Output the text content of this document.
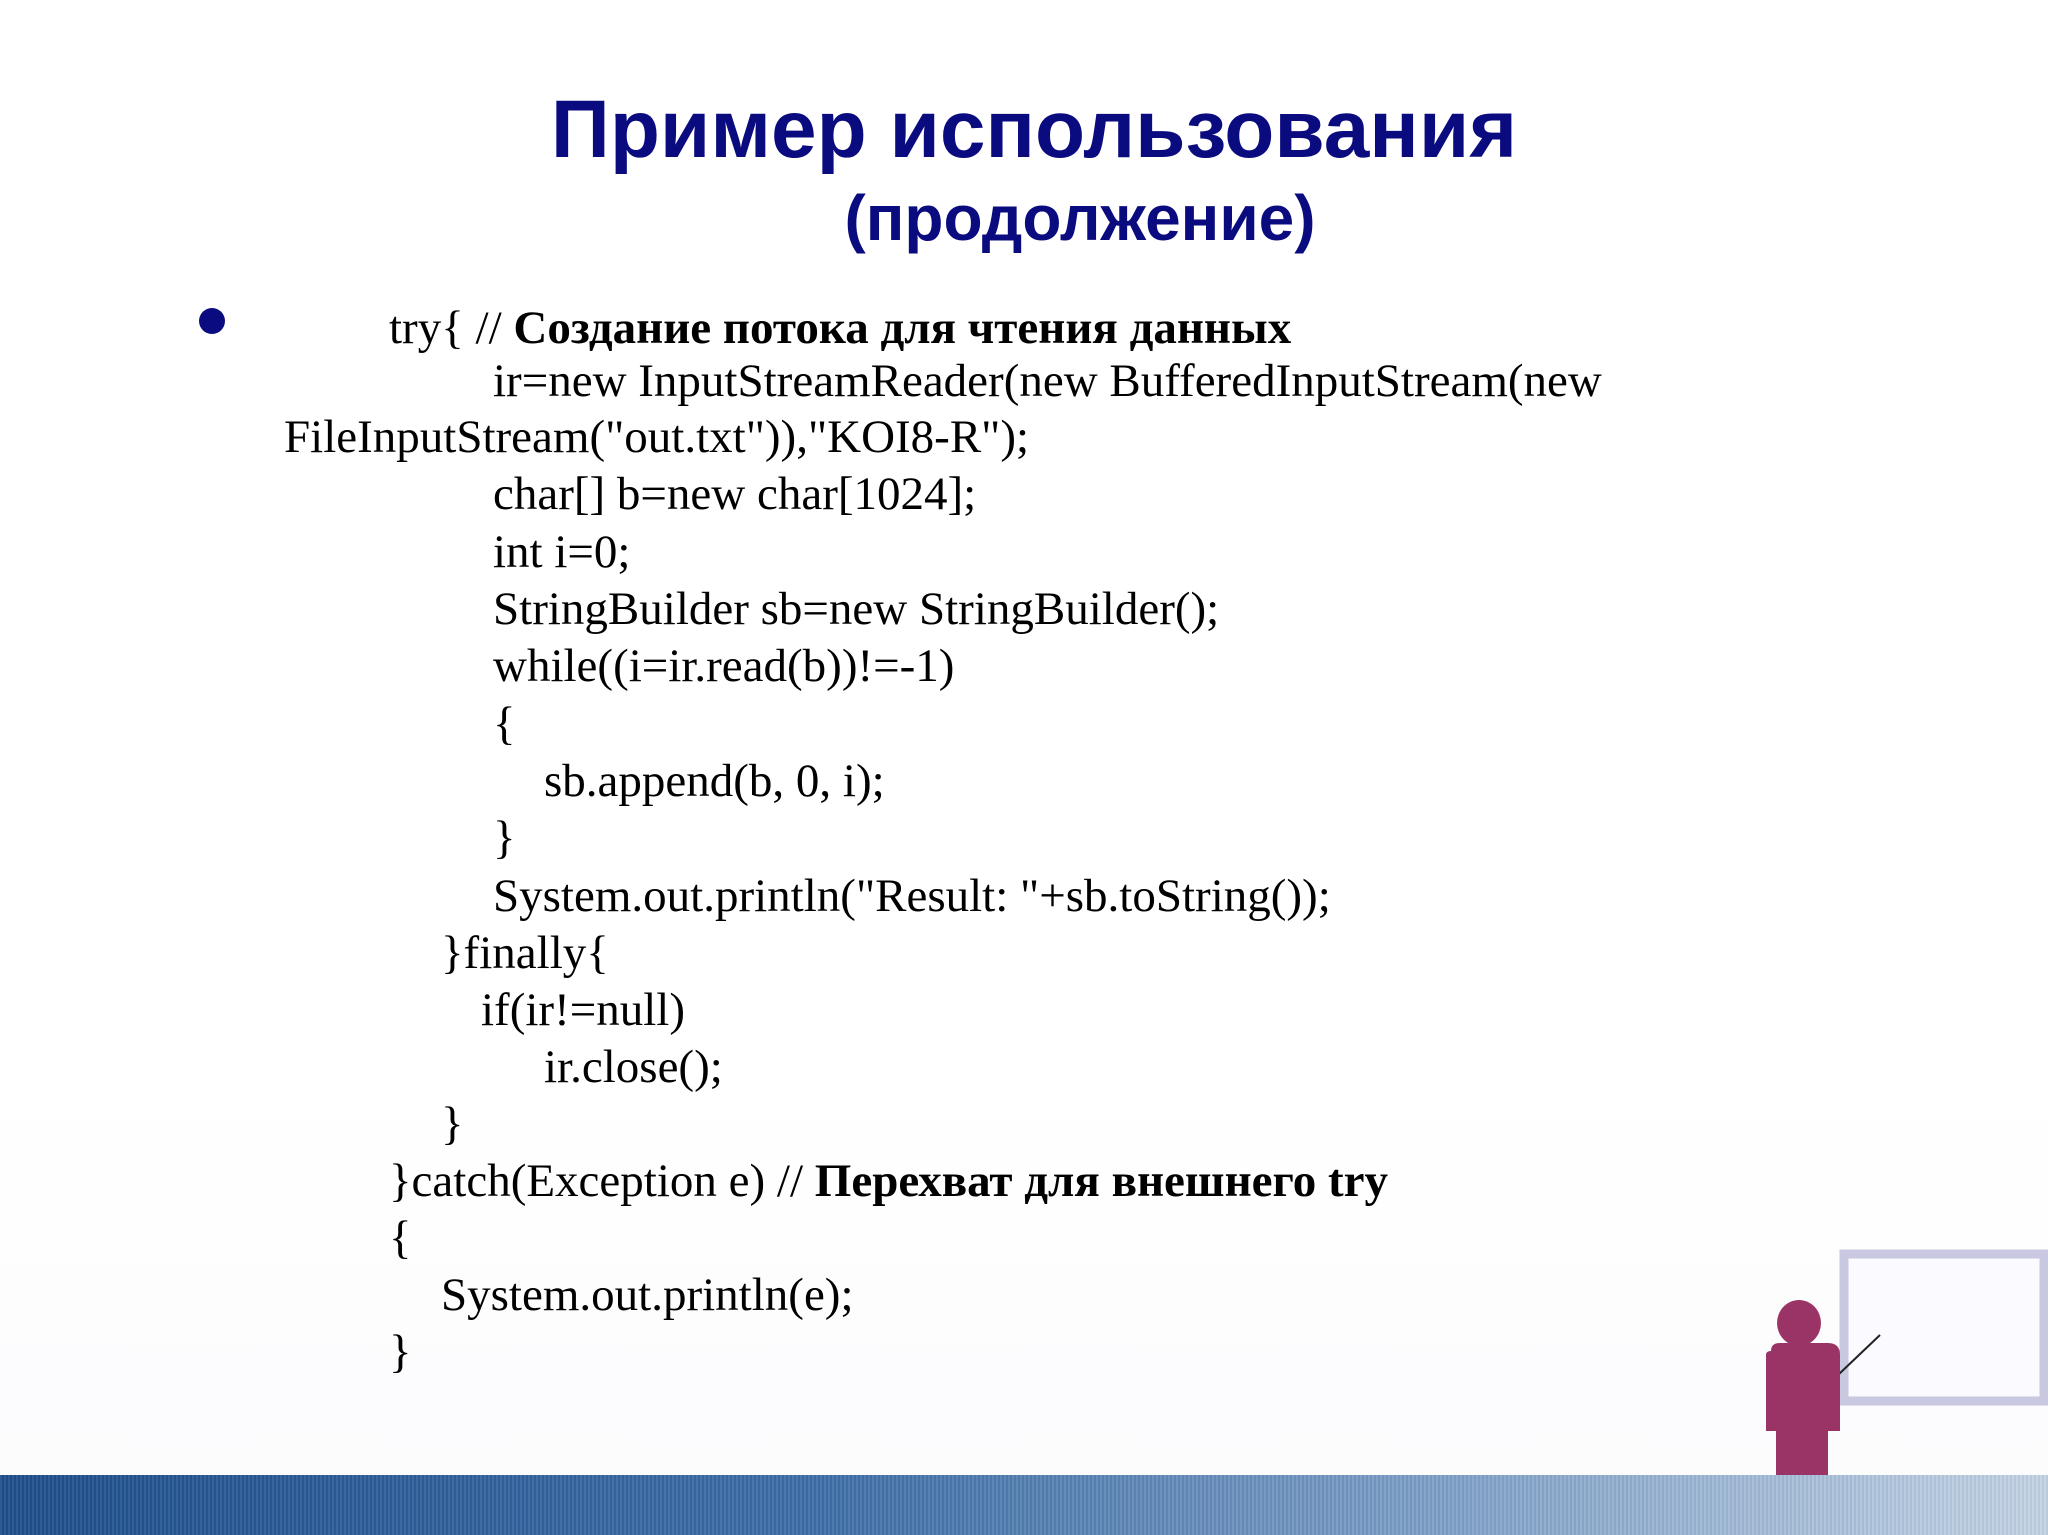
Пример использования
(продолжение)
try{ // Создание потока для чтения данных
ir=new InputStreamReader(new BufferedInputStream(new
FileInputStream("out.txt")),"KOI8-R");
char[] b=new char[1024];
int i=0;
StringBuilder sb=new StringBuilder();
while((i=ir.read(b))!=-1)
{
sb.append(b, 0, i);
}
System.out.println("Result: "+sb.toString());
}finally{
if(ir!=null)
ir.close();
}
}catch(Exception e) // Перехват для внешнего try
{
System.out.println(e);
}
